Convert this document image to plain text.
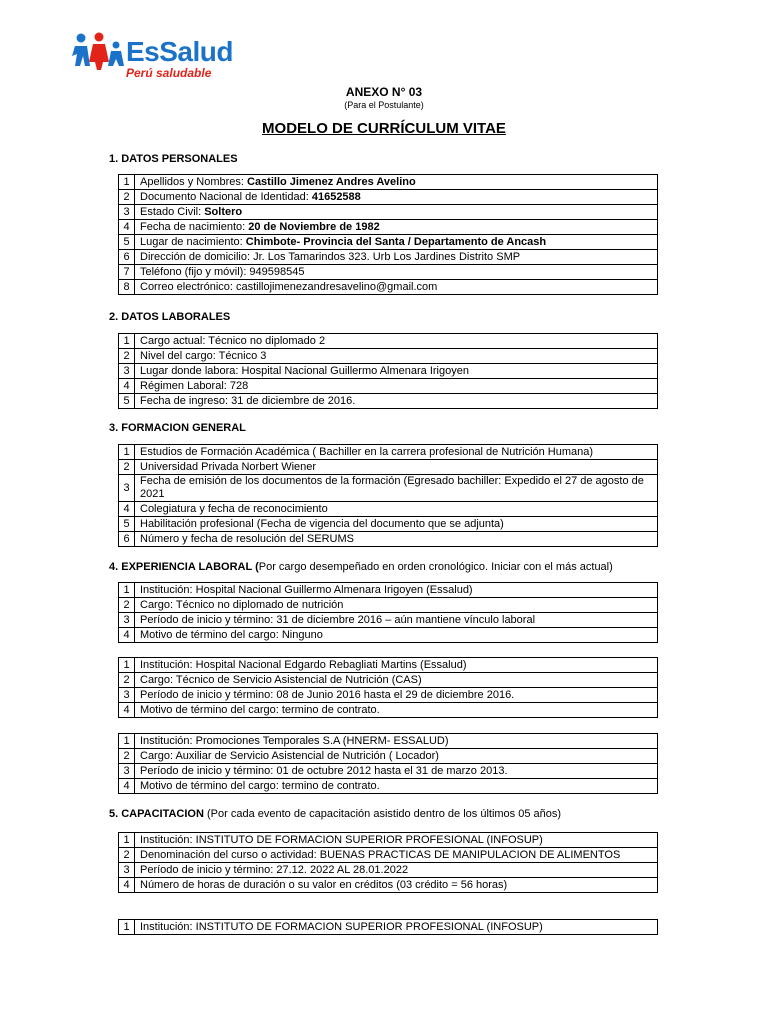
EsSalud
Perú saludable
ANEXO N° 03
(Para el Postulante)
MODELO DE CURRÍCULUM VITAE
1. DATOS PERSONALES
1	Apellidos y Nombres: Castillo Jimenez Andres Avelino
2	Documento Nacional de Identidad: 41652588
3	Estado Civil: Soltero
4	Fecha de nacimiento: 20 de Noviembre de 1982
5	Lugar de nacimiento: Chimbote- Provincia del Santa / Departamento de Ancash
6	Dirección de domicilio: Jr. Los Tamarindos 323. Urb Los Jardines Distrito SMP
7	Teléfono (fijo y móvil): 949598545
8	Correo electrónico: castillojimenezandresavelino@gmail.com
2. DATOS LABORALES
1	Cargo actual: Técnico no diplomado 2
2	Nivel del cargo: Técnico 3
3	Lugar donde labora: Hospital Nacional Guillermo Almenara Irigoyen
4	Régimen Laboral: 728
5	Fecha de ingreso: 31 de diciembre de 2016.
3. FORMACION GENERAL
1	Estudios de Formación Académica ( Bachiller en la carrera profesional de Nutrición Humana)
2	Universidad Privada Norbert Wiener
3	Fecha de emisión de los documentos de la formación (Egresado bachiller: Expedido el 27 de agosto de 2021
4	Colegiatura y fecha de reconocimiento
5	Habilitación profesional (Fecha de vigencia del documento que se adjunta)
6	Número y fecha de resolución del SERUMS
4. EXPERIENCIA LABORAL (Por cargo desempeñado en orden cronológico. Iniciar con el más actual)
1	Institución: Hospital Nacional Guillermo Almenara Irigoyen (Essalud)
2	Cargo: Técnico no diplomado de nutrición
3	Período de inicio y término: 31 de diciembre 2016 – aún mantiene vínculo laboral
4	Motivo de término del cargo: Ninguno
1	Institución: Hospital Nacional Edgardo Rebagliati Martins (Essalud)
2	Cargo: Técnico de Servicio Asistencial de Nutrición (CAS)
3	Período de inicio y término: 08 de Junio 2016 hasta el 29 de diciembre 2016.
4	Motivo de término del cargo: termino de contrato.
1	Institución: Promociones Temporales S.A (HNERM- ESSALUD)
2	Cargo: Auxiliar de Servicio Asistencial de Nutrición ( Locador)
3	Período de inicio y término: 01 de octubre 2012 hasta el 31 de marzo 2013.
4	Motivo de término del cargo: termino de contrato.
5. CAPACITACION (Por cada evento de capacitación asistido dentro de los últimos 05 años)
1	Institución: INSTITUTO DE FORMACION SUPERIOR PROFESIONAL (INFOSUP)
2	Denominación del curso o actividad: BUENAS PRACTICAS DE MANIPULACION DE ALIMENTOS
3	Período de inicio y término: 27.12. 2022 AL 28.01.2022
4	Número de horas de duración o su valor en créditos (03 crédito = 56 horas)
1	Institución: INSTITUTO DE FORMACION SUPERIOR PROFESIONAL (INFOSUP)
